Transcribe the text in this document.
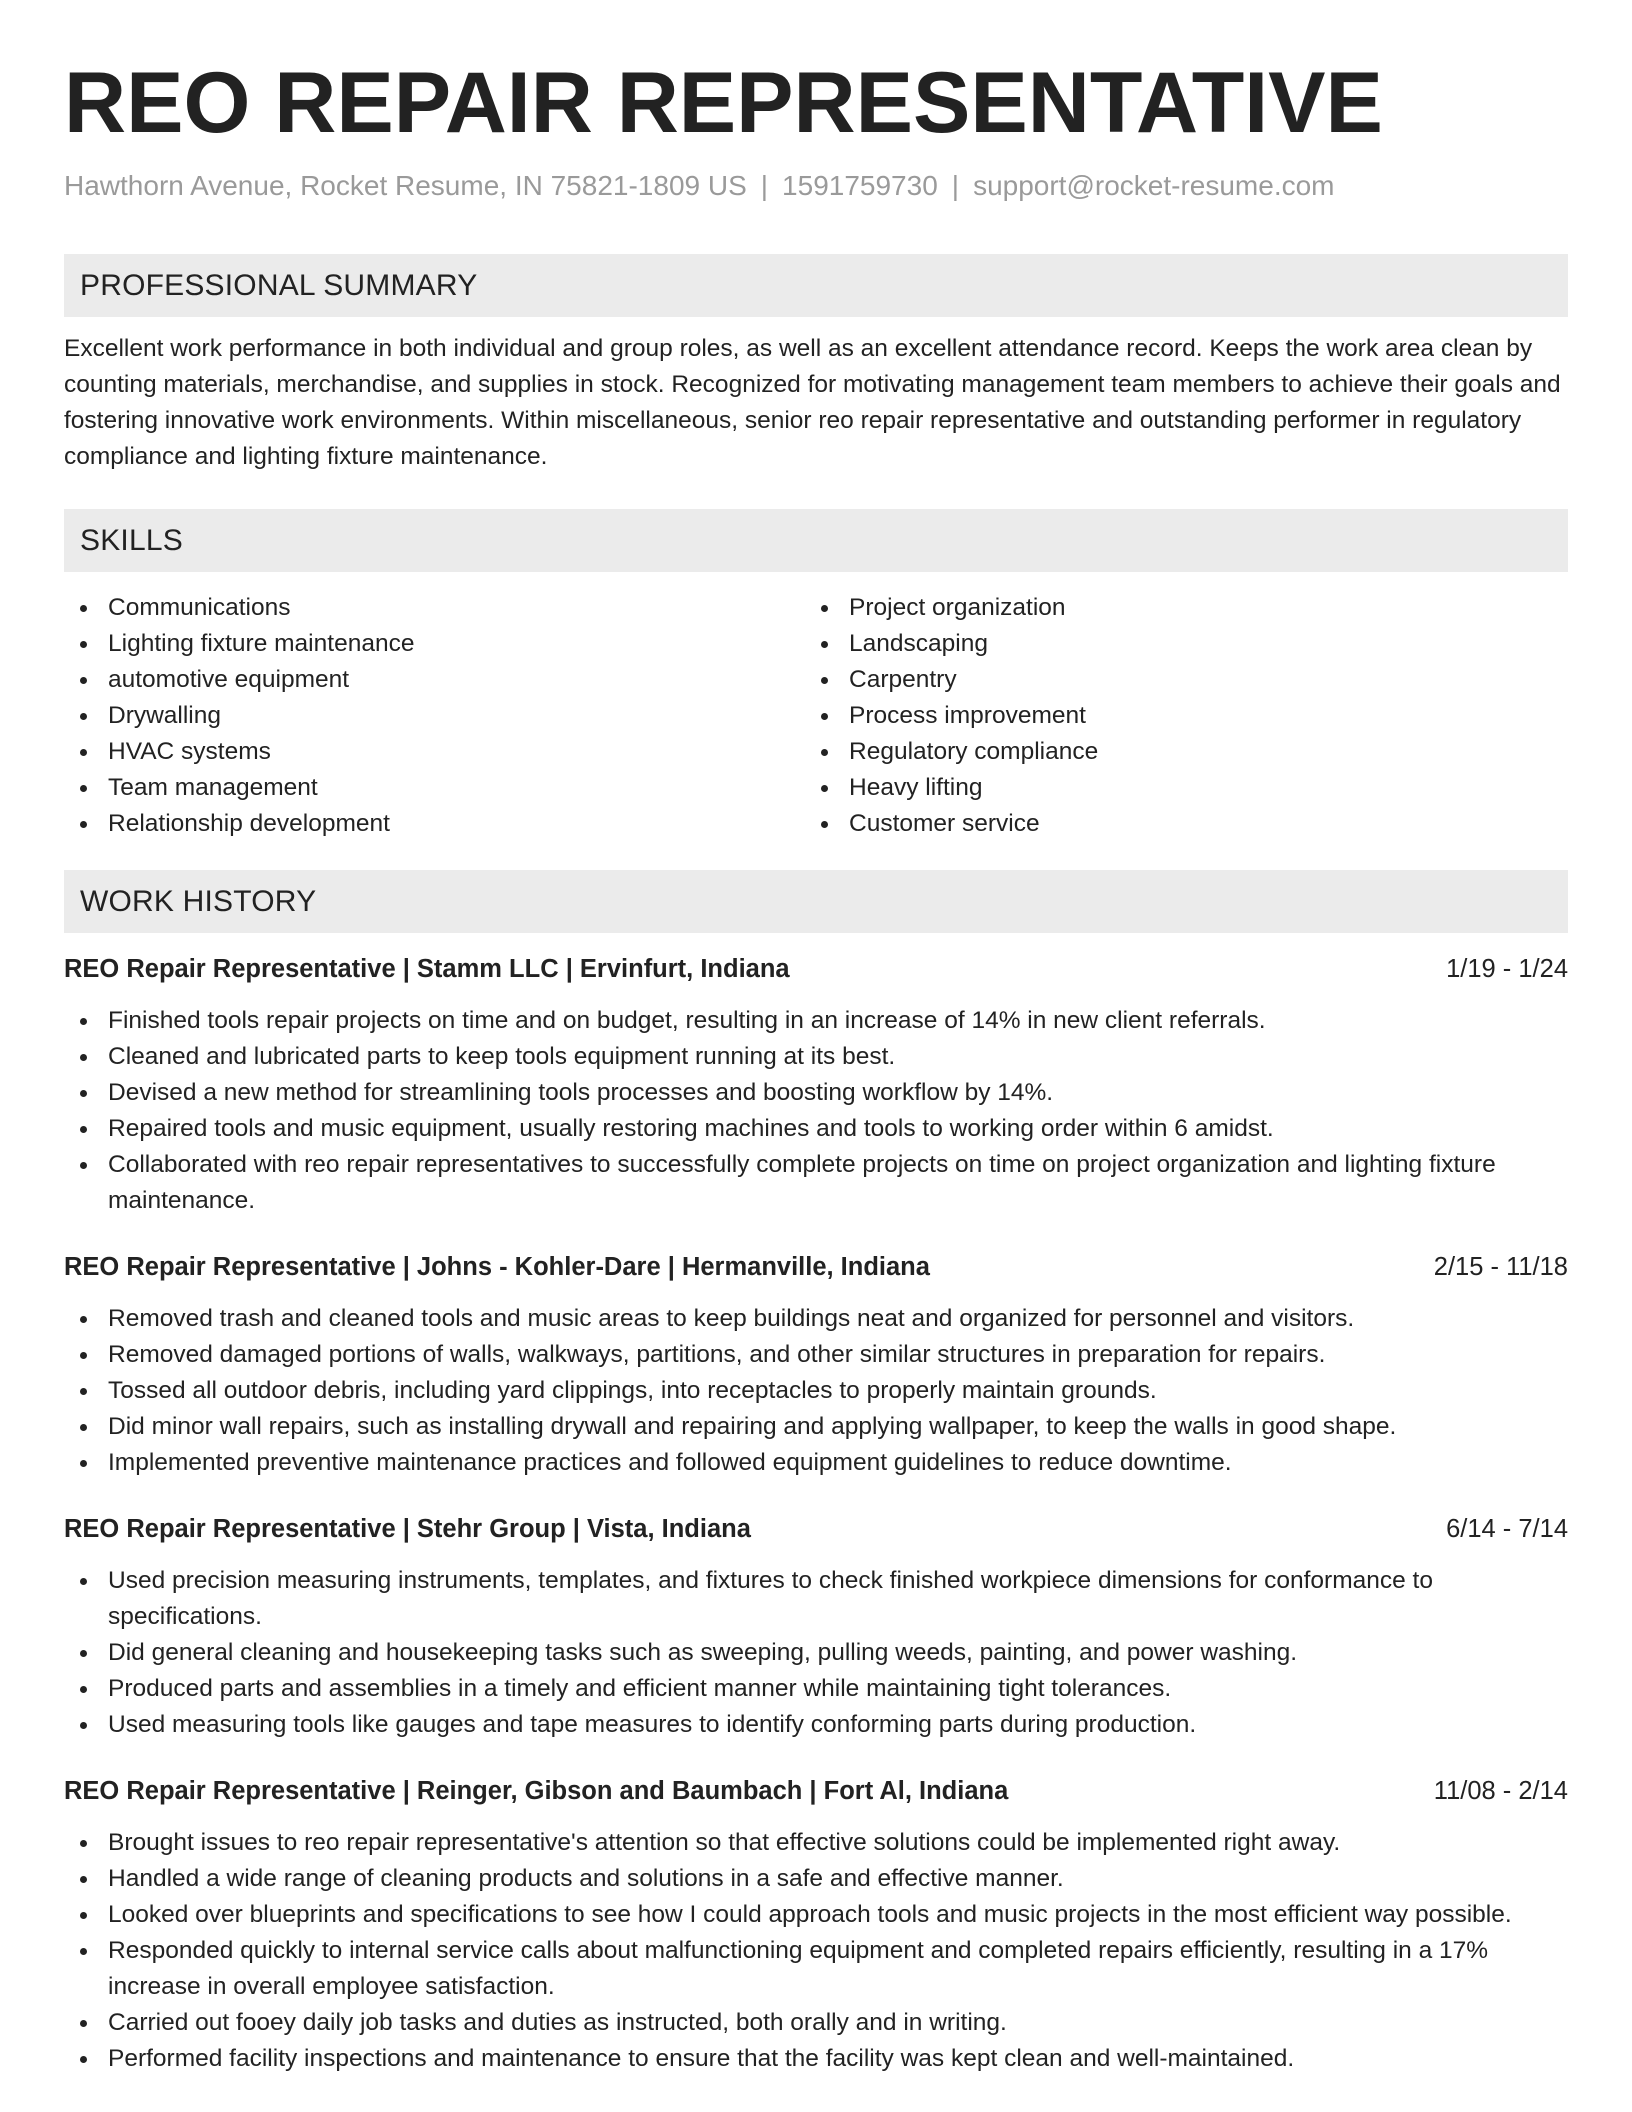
REO REPAIR REPRESENTATIVE
Hawthorn Avenue, Rocket Resume, IN 75821-1809 US | 1591759730 | support@rocket-resume.com
PROFESSIONAL SUMMARY

Excellent work performance in both individual and group roles, as well as an excellent attendance record. Keeps the work area clean by counting materials, merchandise, and supplies in stock. Recognized for motivating management team members to achieve their goals and fostering innovative work environments. Within miscellaneous, senior reo repair representative and outstanding performer in regulatory compliance and lighting fixture maintenance.

SKILLS
Communications
Lighting fixture maintenance
automotive equipment
Drywalling
HVAC systems
Team management
Relationship development
Project organization
Landscaping
Carpentry
Process improvement
Regulatory compliance
Heavy lifting
Customer service
WORK HISTORY
REO Repair Representative | Stamm LLC | Ervinfurt, Indiana	1/19 - 1/24
Finished tools repair projects on time and on budget, resulting in an increase of 14% in new client referrals.
Cleaned and lubricated parts to keep tools equipment running at its best.
Devised a new method for streamlining tools processes and boosting workflow by 14%.
Repaired tools and music equipment, usually restoring machines and tools to working order within 6 amidst.
Collaborated with reo repair representatives to successfully complete projects on time on project organization and lighting fixture maintenance.
REO Repair Representative | Johns - Kohler-Dare | Hermanville, Indiana	2/15 - 11/18
Removed trash and cleaned tools and music areas to keep buildings neat and organized for personnel and visitors.
Removed damaged portions of walls, walkways, partitions, and other similar structures in preparation for repairs.
Tossed all outdoor debris, including yard clippings, into receptacles to properly maintain grounds.
Did minor wall repairs, such as installing drywall and repairing and applying wallpaper, to keep the walls in good shape.
Implemented preventive maintenance practices and followed equipment guidelines to reduce downtime.
REO Repair Representative | Stehr Group | Vista, Indiana	6/14 - 7/14
Used precision measuring instruments, templates, and fixtures to check finished workpiece dimensions for conformance to specifications.
Did general cleaning and housekeeping tasks such as sweeping, pulling weeds, painting, and power washing.
Produced parts and assemblies in a timely and efficient manner while maintaining tight tolerances.
Used measuring tools like gauges and tape measures to identify conforming parts during production.
REO Repair Representative | Reinger, Gibson and Baumbach | Fort Al, Indiana	11/08 - 2/14
Brought issues to reo repair representative's attention so that effective solutions could be implemented right away.
Handled a wide range of cleaning products and solutions in a safe and effective manner.
Looked over blueprints and specifications to see how I could approach tools and music projects in the most efficient way possible.
Responded quickly to internal service calls about malfunctioning equipment and completed repairs efficiently, resulting in a 17% increase in overall employee satisfaction.
Carried out fooey daily job tasks and duties as instructed, both orally and in writing.
Performed facility inspections and maintenance to ensure that the facility was kept clean and well-maintained.
